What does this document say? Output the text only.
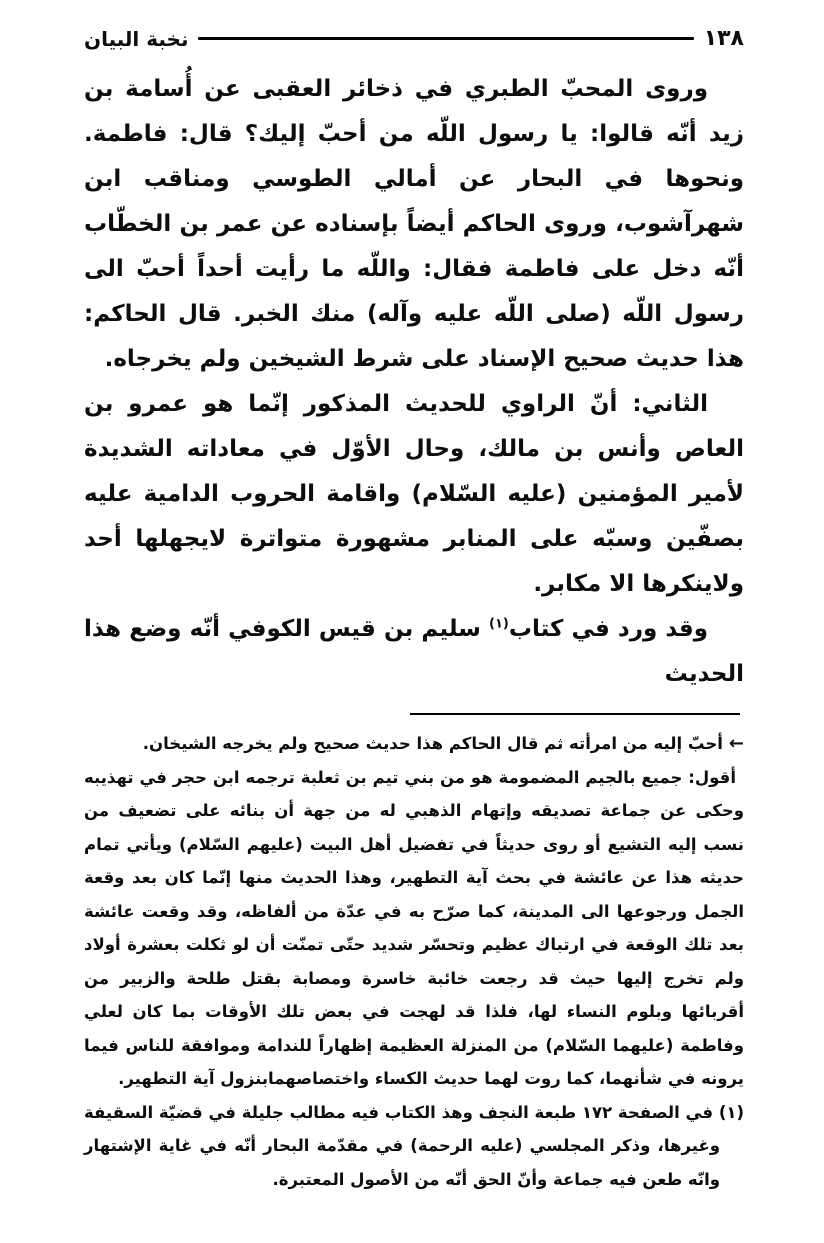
١٣٨
نخبة البيان

وروى المحبّ الطبري في ذخائر العقبى عن أُسامة بن زيد أنّه قالوا: يا رسول اللّه من أحبّ إليك؟ قال: فاطمة. ونحوها في البحار عن أمالي الطوسي ومناقب ابن شهرآشوب، وروى الحاكم أيضاً بإسناده عن عمر بن الخطّاب أنّه دخل على فاطمة فقال: واللّه ما رأيت أحداً أحبّ الى رسول اللّه (صلى اللّه عليه وآله) منك الخبر. قال الحاكم: هذا حديث صحيح الإسناد على شرط الشيخين ولم يخرجاه.

الثاني: أنّ الراوي للحديث المذكور إنّما هو عمرو بن العاص وأنس بن مالك، وحال الأوّل في معاداته الشديدة لأمير المؤمنين (عليه السّلام) واقامة الحروب الدامية عليه بصفّين وسبّه على المنابر مشهورة متواترة لايجهلها أحد ولاينكرها الا مكابر.

وقد ورد في كتاب$^{(١)}$ سليم بن قيس الكوفي أنّه وضع هذا الحديث

←أحبّ إليه من امرأته ثم قال الحاكم هذا حديث صحيح ولم يخرجه الشيخان.

أقول: جميع بالجيم المضمومة هو من بني تيم بن ثعلبة ترجمه ابن حجر في تهذيبه وحكى عن جماعة تصديقه وإتهام الذهبي له من جهة أن بنائه على تضعيف من نسب إليه التشيع أو روى حديثاً في تفضيل أهل البيت (عليهم السّلام) ويأتي تمام حديثه هذا عن عائشة في بحث آية التطهير، وهذا الحديث منها إنّما كان بعد وقعة الجمل ورجوعها الى المدينة، كما صرّح به في عدّة من ألفاظه، وقد وقعت عائشة بعد تلك الوقعة في ارتباك عظيم وتحسّر شديد حتّى تمنّت أن لو ثكلت بعشرة أولاد ولم تخرج إليها حيث قد رجعت خائبة خاسرة ومصابة بقتل طلحة والزبير من أقربائها وبلوم النساء لها، فلذا قد لهجت في بعض تلك الأوقات بما كان لعلي وفاطمة (عليهما السّلام) من المنزلة العظيمة إظهاراً للندامة وموافقة للناس فيما يرونه في شأنهما، كما روت لهما حديث الكساء واختصاصهمابنزول آية التطهير.

(١) في الصفحة ١٧٢ طبعة النجف وهذ الكتاب فيه مطالب جليلة في قضيّة السقيفة وغيرها، وذكر المجلسي (عليه الرحمة) في مقدّمة البحار أنّه في غاية الإشتهار وانّه طعن فيه جماعة وأنّ الحق أنّه من الأصول المعتبرة.
